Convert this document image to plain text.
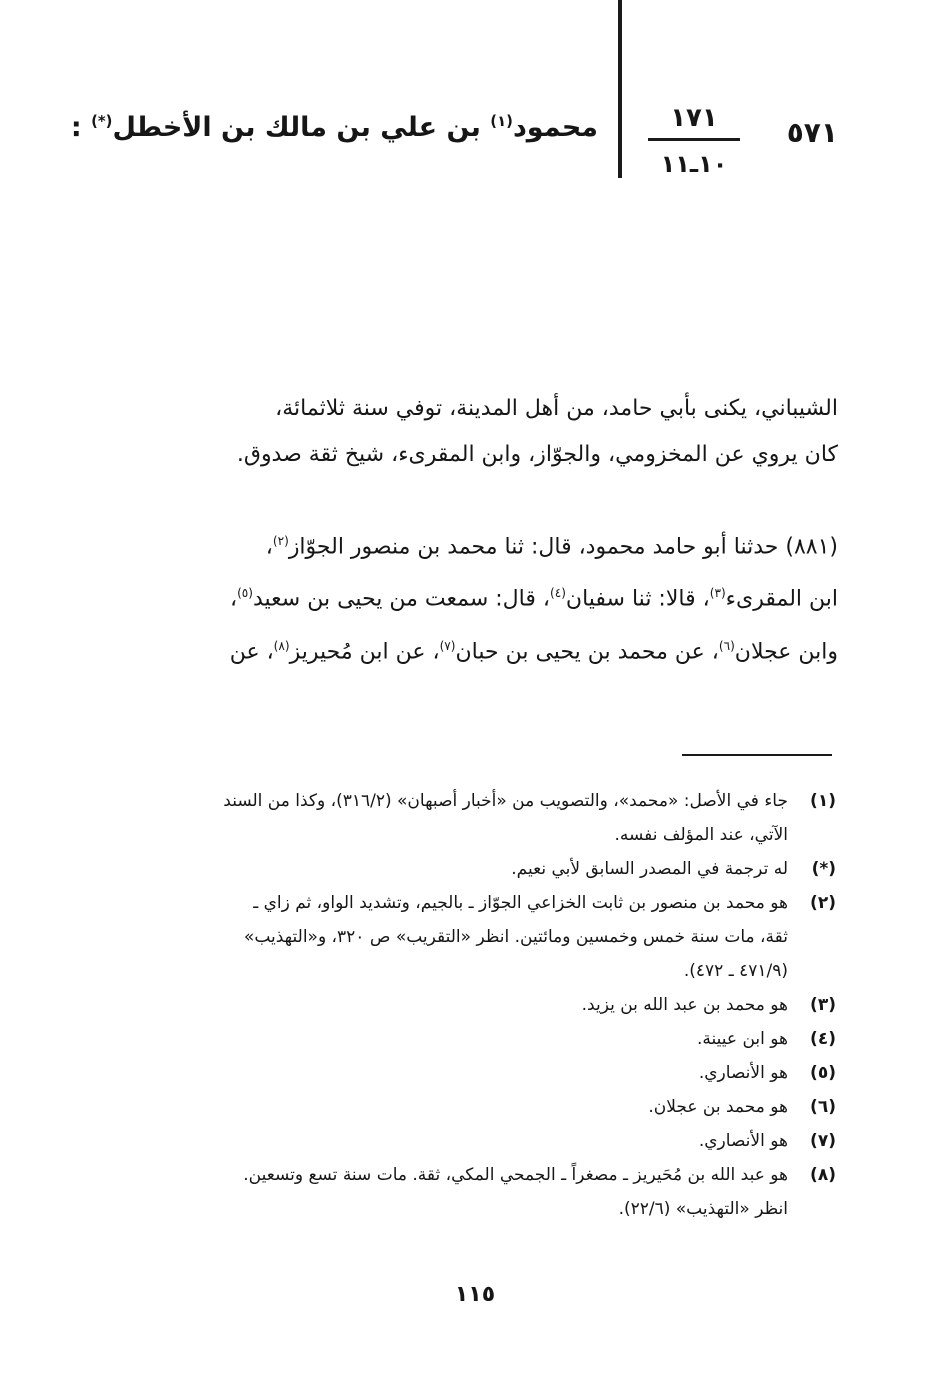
٥٧١
١٧١
١٠ـ١١
محمود$^{(١)}$ بن علي بن مالك بن الأخطل(*) :
الشيباني، يكنى بأبي حامد، من أهل المدينة، توفي سنة ثلاثمائة،
كان يروي عن المخزومي، والجوّاز، وابن المقرىء، شيخ ثقة صدوق.
(٨٨١) حدثنا أبو حامد محمود، قال: ثنا محمد بن منصور الجوّاز$^{(٢)}$،
ابن المقرىء$^{(٣)}$، قالا: ثنا سفيان$^{(٤)}$، قال: سمعت من يحيى بن سعيد$^{(٥)}$،
وابن عجلان$^{(٦)}$، عن محمد بن يحيى بن حبان$^{(٧)}$، عن ابن مُحيريز$^{(٨)}$، عن
(١)
جاء في الأصل: «محمد»، والتصويب من «أخبار أصبهان» (٣١٦/٢)، وكذا من السند
الآتي، عند المؤلف نفسه.
(*)
له ترجمة في المصدر السابق لأبي نعيم.
(٢)
هو محمد بن منصور بن ثابت الخزاعي الجوّاز ـ بالجيم، وتشديد الواو، ثم زاي ـ
ثقة، مات سنة خمس وخمسين ومائتين. انظر «التقريب» ص ٣٢٠، و«التهذيب»
(٤٧١/٩ ـ ٤٧٢).
(٣)
هو محمد بن عبد الله بن يزيد.
(٤)
هو ابن عيينة.
(٥)
هو الأنصاري.
(٦)
هو محمد بن عجلان.
(٧)
هو الأنصاري.
(٨)
هو عبد الله بن مُحَيريز ـ مصغراً ـ الجمحي المكي، ثقة. مات سنة تسع وتسعين.
انظر «التهذيب» (٢٢/٦).
١١٥
